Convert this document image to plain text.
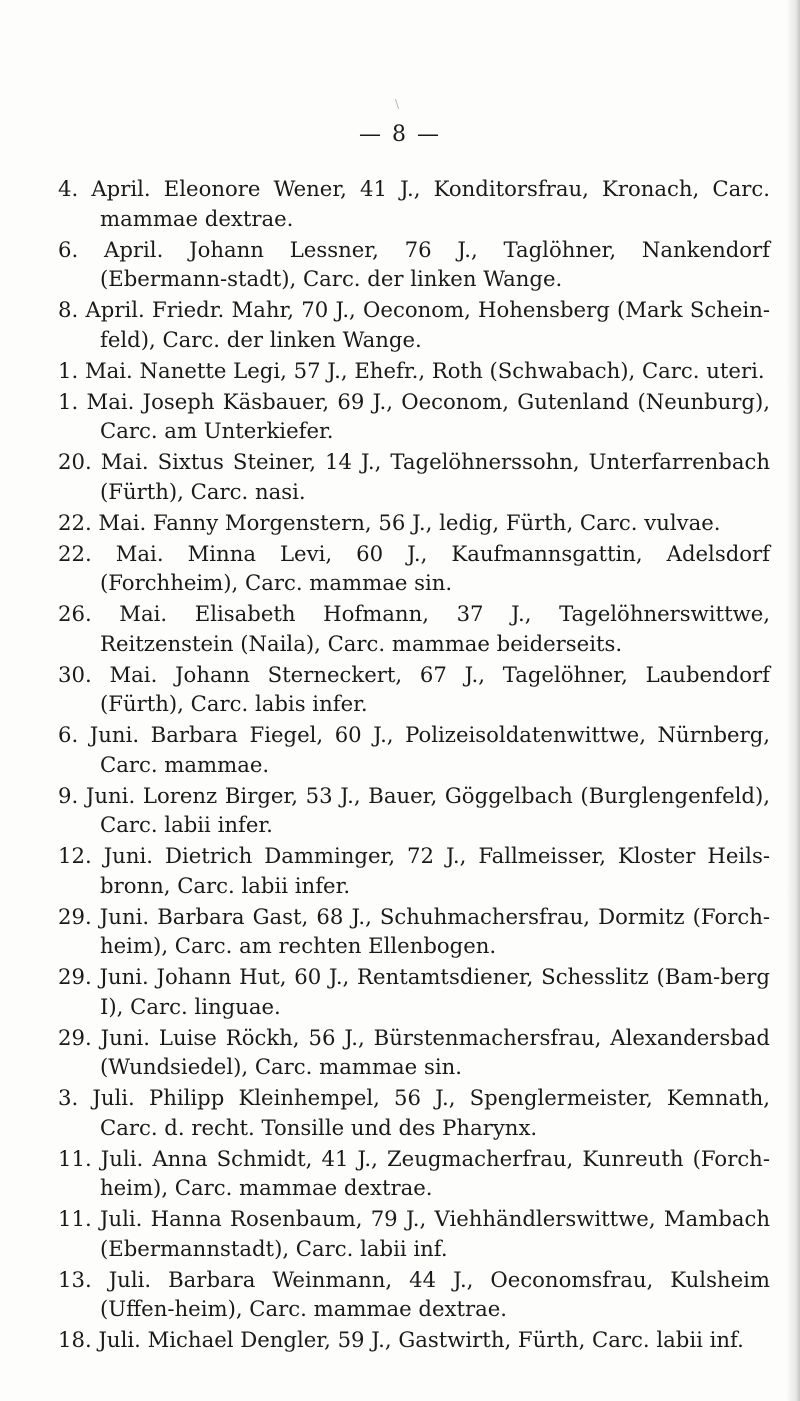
\
— 8 —
4. April. Eleonore Wener, 41 J., Konditorsfrau, Kronach, Carc. mammae dextrae.
6. April. Johann Lessner, 76 J., Taglöhner, Nankendorf (Ebermann-stadt), Carc. der linken Wange.
8. April. Friedr. Mahr, 70 J., Oeconom, Hohensberg (Mark Schein-feld), Carc. der linken Wange.
1. Mai. Nanette Legi, 57 J., Ehefr., Roth (Schwabach), Carc. uteri.
1. Mai. Joseph Käsbauer, 69 J., Oeconom, Gutenland (Neunburg), Carc. am Unterkiefer.
20. Mai. Sixtus Steiner, 14 J., Tagelöhnerssohn, Unterfarrenbach (Fürth), Carc. nasi.
22. Mai. Fanny Morgenstern, 56 J., ledig, Fürth, Carc. vulvae.
22. Mai. Minna Levi, 60 J., Kaufmannsgattin, Adelsdorf (Forchheim), Carc. mammae sin.
26. Mai. Elisabeth Hofmann, 37 J., Tagelöhnerswittwe, Reitzenstein (Naila), Carc. mammae beiderseits.
30. Mai. Johann Sterneckert, 67 J., Tagelöhner, Laubendorf (Fürth), Carc. labis infer.
6. Juni. Barbara Fiegel, 60 J., Polizeisoldatenwittwe, Nürnberg, Carc. mammae.
9. Juni. Lorenz Birger, 53 J., Bauer, Göggelbach (Burglengenfeld), Carc. labii infer.
12. Juni. Dietrich Damminger, 72 J., Fallmeisser, Kloster Heils-bronn, Carc. labii infer.
29. Juni. Barbara Gast, 68 J., Schuhmachersfrau, Dormitz (Forch-heim), Carc. am rechten Ellenbogen.
29. Juni. Johann Hut, 60 J., Rentamtsdiener, Schesslitz (Bam-berg I), Carc. linguae.
29. Juni. Luise Röckh, 56 J., Bürstenmachersfrau, Alexandersbad (Wundsiedel), Carc. mammae sin.
3. Juli. Philipp Kleinhempel, 56 J., Spenglermeister, Kemnath, Carc. d. recht. Tonsille und des Pharynx.
11. Juli. Anna Schmidt, 41 J., Zeugmacherfrau, Kunreuth (Forch-heim), Carc. mammae dextrae.
11. Juli. Hanna Rosenbaum, 79 J., Viehhändlerswittwe, Mambach (Ebermannstadt), Carc. labii inf.
13. Juli. Barbara Weinmann, 44 J., Oeconomsfrau, Kulsheim (Uffen-heim), Carc. mammae dextrae.
18. Juli. Michael Dengler, 59 J., Gastwirth, Fürth, Carc. labii inf.
